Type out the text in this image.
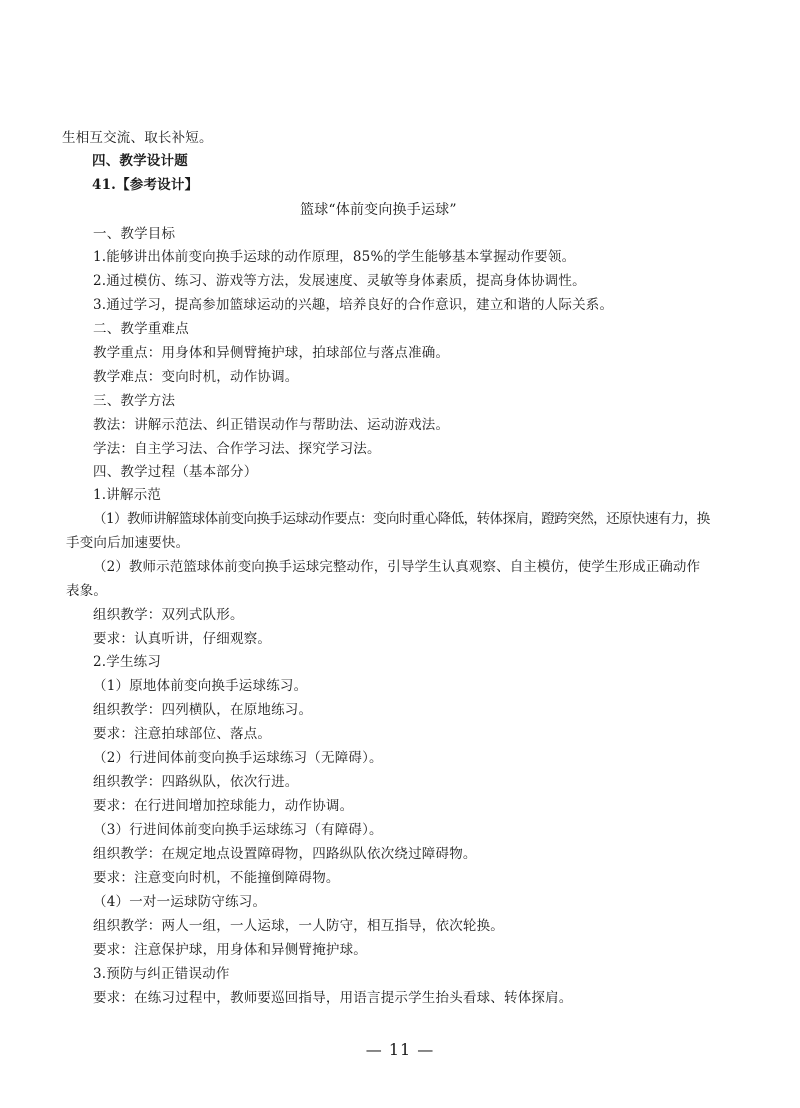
生相互交流、取长补短。
四、教学设计题
41.【参考设计】
篮球“体前变向换手运球”
一、教学目标
1.能够讲出体前变向换手运球的动作原理，85%的学生能够基本掌握动作要领。
2.通过模仿、练习、游戏等方法，发展速度、灵敏等身体素质，提高身体协调性。
3.通过学习，提高参加篮球运动的兴趣，培养良好的合作意识，建立和谐的人际关系。
二、教学重难点
教学重点：用身体和异侧臂掩护球，拍球部位与落点准确。
教学难点：变向时机，动作协调。
三、教学方法
教法：讲解示范法、纠正错误动作与帮助法、运动游戏法。
学法：自主学习法、合作学习法、探究学习法。
四、教学过程（基本部分）
1.讲解示范
（1）教师讲解篮球体前变向换手运球动作要点：变向时重心降低，转体探肩，蹬跨突然，还原快速有力，换
手变向后加速要快。
（2）教师示范篮球体前变向换手运球完整动作，引导学生认真观察、自主模仿，使学生形成正确动作
表象。
组织教学：双列式队形。
要求：认真听讲，仔细观察。
2.学生练习
（1）原地体前变向换手运球练习。
组织教学：四列横队，在原地练习。
要求：注意拍球部位、落点。
（2）行进间体前变向换手运球练习（无障碍）。
组织教学：四路纵队，依次行进。
要求：在行进间增加控球能力，动作协调。
（3）行进间体前变向换手运球练习（有障碍）。
组织教学：在规定地点设置障碍物，四路纵队依次绕过障碍物。
要求：注意变向时机，不能撞倒障碍物。
（4）一对一运球防守练习。
组织教学：两人一组，一人运球，一人防守，相互指导，依次轮换。
要求：注意保护球，用身体和异侧臂掩护球。
3.预防与纠正错误动作
要求：在练习过程中，教师要巡回指导，用语言提示学生抬头看球、转体探肩。
— 11 —
